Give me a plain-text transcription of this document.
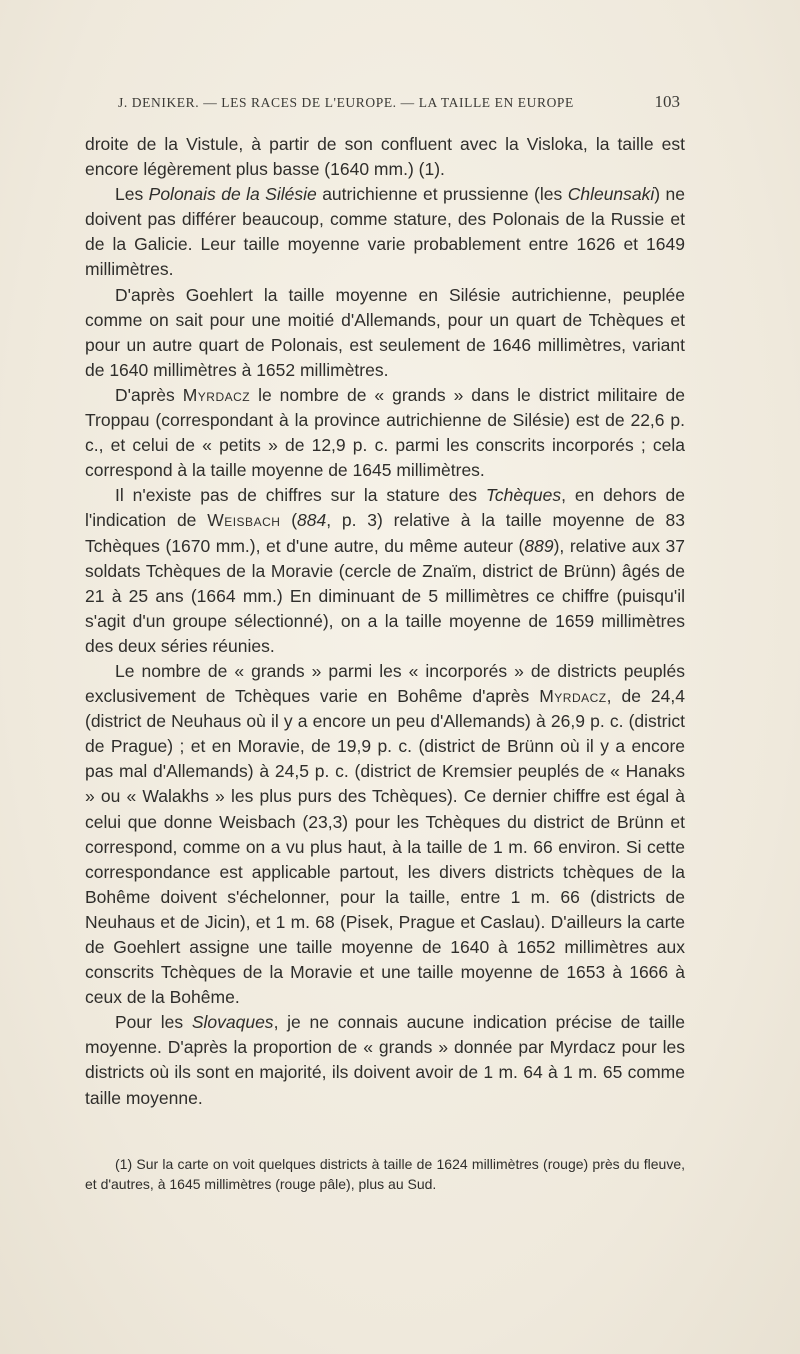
J. DENIKER. — LES RACES DE L'EUROPE. — LA TAILLE EN EUROPE	103

droite de la Vistule, à partir de son confluent avec la Visloka, la taille est encore légèrement plus basse (1640 mm.) (1).

Les Polonais de la Silésie autrichienne et prussienne (les Chleunsaki) ne doivent pas différer beaucoup, comme stature, des Polonais de la Russie et de la Galicie. Leur taille moyenne varie probablement entre 1626 et 1649 millimètres.

D'après Goehlert la taille moyenne en Silésie autrichienne, peuplée comme on sait pour une moitié d'Allemands, pour un quart de Tchèques et pour un autre quart de Polonais, est seulement de 1646 millimètres, variant de 1640 millimètres à 1652 millimètres.

D'après Myrdacz le nombre de « grands » dans le district militaire de Troppau (correspondant à la province autrichienne de Silésie) est de 22,6 p. c., et celui de « petits » de 12,9 p. c. parmi les conscrits incorporés ; cela correspond à la taille moyenne de 1645 millimètres.

Il n'existe pas de chiffres sur la stature des Tchèques, en dehors de l'indication de Weisbach (884, p. 3) relative à la taille moyenne de 83 Tchèques (1670 mm.), et d'une autre, du même auteur (889), relative aux 37 soldats Tchèques de la Moravie (cercle de Znaïm, district de Brünn) âgés de 21 à 25 ans (1664 mm.) En diminuant de 5 millimètres ce chiffre (puisqu'il s'agit d'un groupe sélectionné), on a la taille moyenne de 1659 millimètres des deux séries réunies.

Le nombre de « grands » parmi les « incorporés » de districts peuplés exclusivement de Tchèques varie en Bohême d'après Myrdacz, de 24,4 (district de Neuhaus où il y a encore un peu d'Allemands) à 26,9 p. c. (district de Prague) ; et en Moravie, de 19,9 p. c. (district de Brünn où il y a encore pas mal d'Allemands) à 24,5 p. c. (district de Kremsier peuplés de « Hanaks » ou « Walakhs » les plus purs des Tchèques). Ce dernier chiffre est égal à celui que donne Weisbach (23,3) pour les Tchèques du district de Brünn et correspond, comme on a vu plus haut, à la taille de 1 m. 66 environ. Si cette correspondance est applicable partout, les divers districts tchèques de la Bohême doivent s'échelonner, pour la taille, entre 1 m. 66 (districts de Neuhaus et de Jicin), et 1 m. 68 (Pisek, Prague et Caslau). D'ailleurs la carte de Goehlert assigne une taille moyenne de 1640 à 1652 millimètres aux conscrits Tchèques de la Moravie et une taille moyenne de 1653 à 1666 à ceux de la Bohême.

Pour les Slovaques, je ne connais aucune indication précise de taille moyenne. D'après la proportion de « grands » donnée par Myrdacz pour les districts où ils sont en majorité, ils doivent avoir de 1 m. 64 à 1 m. 65 comme taille moyenne.

(1) Sur la carte on voit quelques districts à taille de 1624 millimètres (rouge) près du fleuve, et d'autres, à 1645 millimètres (rouge pâle), plus au Sud.
